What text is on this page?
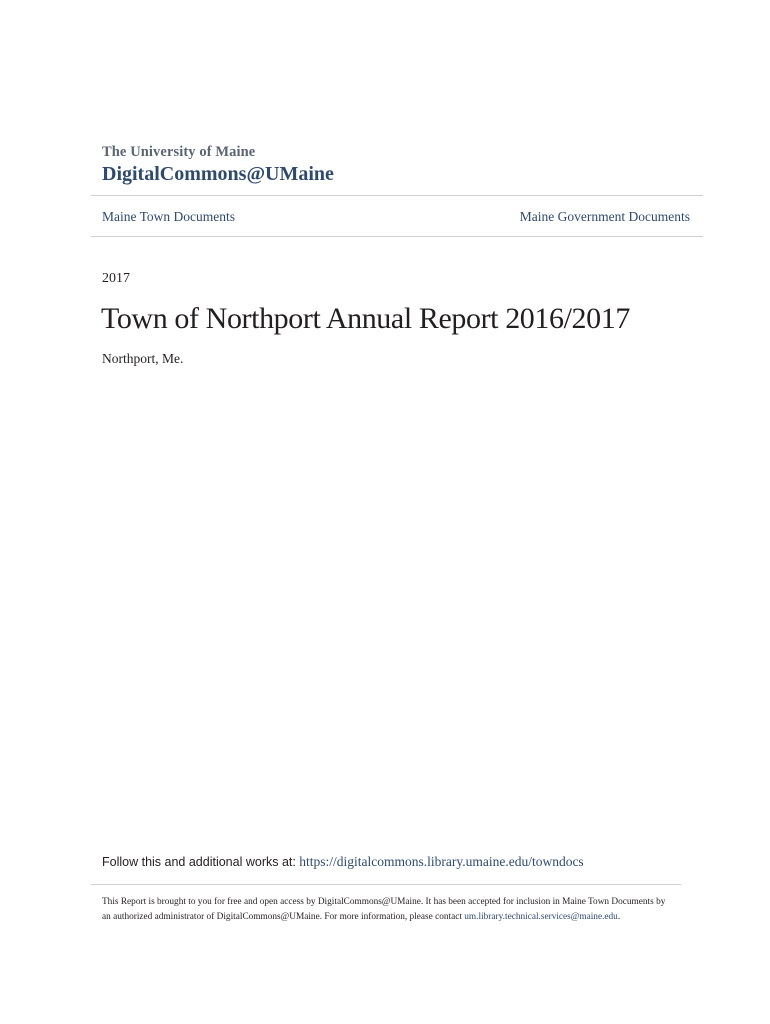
The University of Maine
DigitalCommons@UMaine
Maine Town Documents	Maine Government Documents
2017
Town of Northport Annual Report 2016/2017
Northport, Me.
Follow this and additional works at: https://digitalcommons.library.umaine.edu/towndocs
This Report is brought to you for free and open access by DigitalCommons@UMaine. It has been accepted for inclusion in Maine Town Documents by
an authorized administrator of DigitalCommons@UMaine. For more information, please contact um.library.technical.services@maine.edu.
